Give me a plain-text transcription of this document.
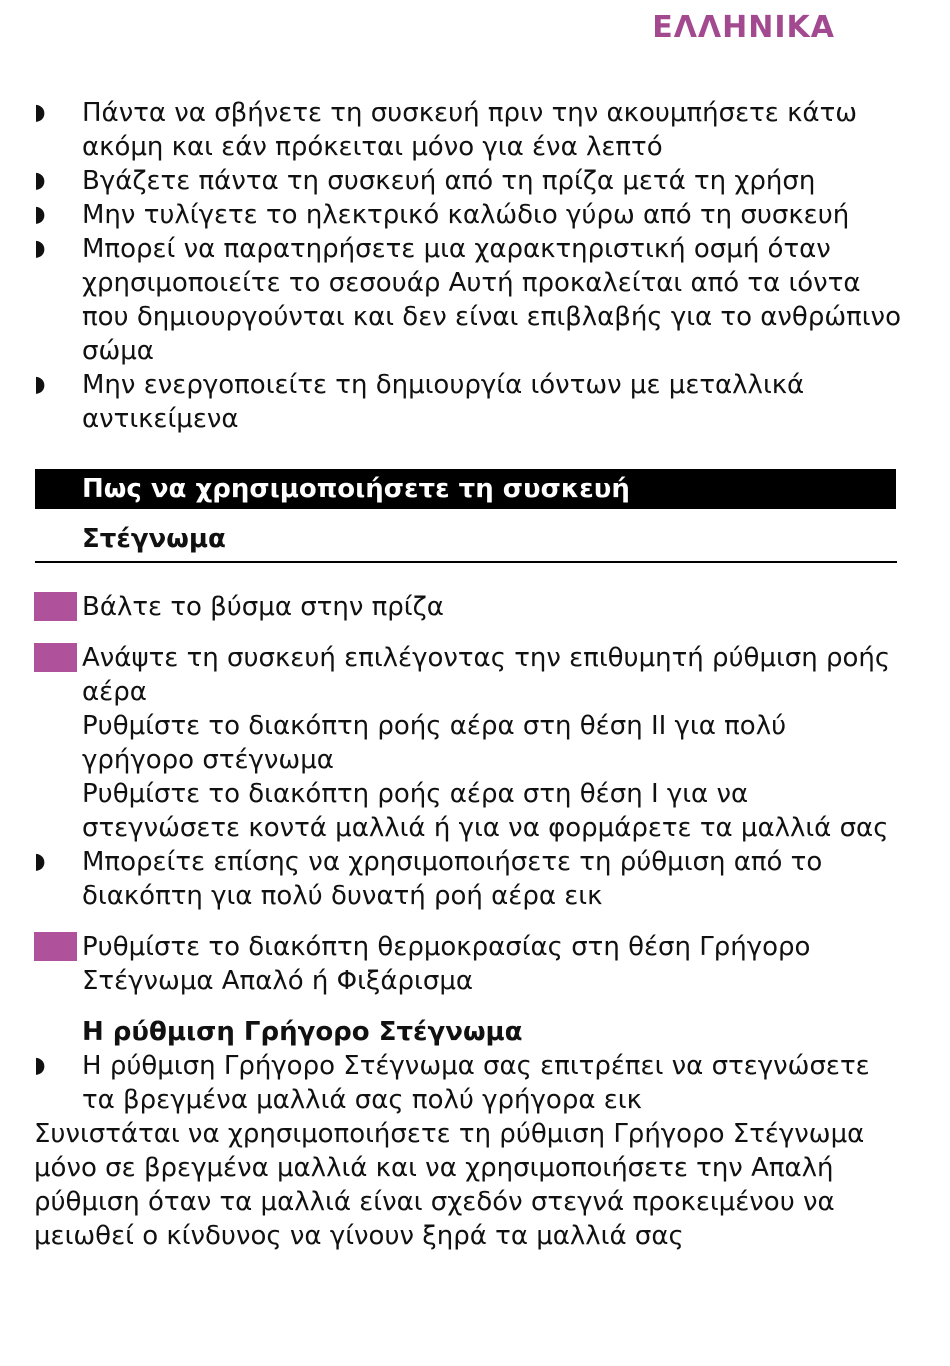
ΕΛΛΗΝΙΚΑ
◗ Πάντα να σβήνετε τη συσκευή πριν την ακουμπήσετε κάτω
ακόμη και εάν πρόκειται μόνο για ένα λεπτό
◗ Βγάζετε πάντα τη συσκευή από τη πρίζα μετά τη χρήση
◗ Μην τυλίγετε το ηλεκτρικό καλώδιο γύρω από τη συσκευή
◗ Μπορεί να παρατηρήσετε μια χαρακτηριστική οσμή όταν
χρησιμοποιείτε το σεσουάρ Αυτή προκαλείται από τα ιόντα
που δημιουργούνται και δεν είναι επιβλαβής για το ανθρώπινο
σώμα
◗ Μην ενεργοποιείτε τη δημιουργία ιόντων με μεταλλικά
αντικείμενα
Πως να χρησιμοποιήσετε τη συσκευή
Στέγνωμα
Βάλτε το βύσμα στην πρίζα
Ανάψτε τη συσκευή επιλέγοντας την επιθυμητή ρύθμιση ροής
αέρα
Ρυθμίστε το διακόπτη ροής αέρα στη θέση II για πολύ
γρήγορο στέγνωμα
Ρυθμίστε το διακόπτη ροής αέρα στη θέση I για να
στεγνώσετε κοντά μαλλιά ή για να φορμάρετε τα μαλλιά σας
◗ Μπορείτε επίσης να χρησιμοποιήσετε τη ρύθμιση από το
διακόπτη για πολύ δυνατή ροή αέρα εικ
Ρυθμίστε το διακόπτη θερμοκρασίας στη θέση Γρήγορο
Στέγνωμα Απαλό ή Φιξάρισμα
Η ρύθμιση Γρήγορο Στέγνωμα
◗ Η ρύθμιση Γρήγορο Στέγνωμα σας επιτρέπει να στεγνώσετε
τα βρεγμένα μαλλιά σας πολύ γρήγορα εικ
Συνιστάται να χρησιμοποιήσετε τη ρύθμιση Γρήγορο Στέγνωμα
μόνο σε βρεγμένα μαλλιά και να χρησιμοποιήσετε την Απαλή
ρύθμιση όταν τα μαλλιά είναι σχεδόν στεγνά προκειμένου να
μειωθεί ο κίνδυνος να γίνουν ξηρά τα μαλλιά σας
